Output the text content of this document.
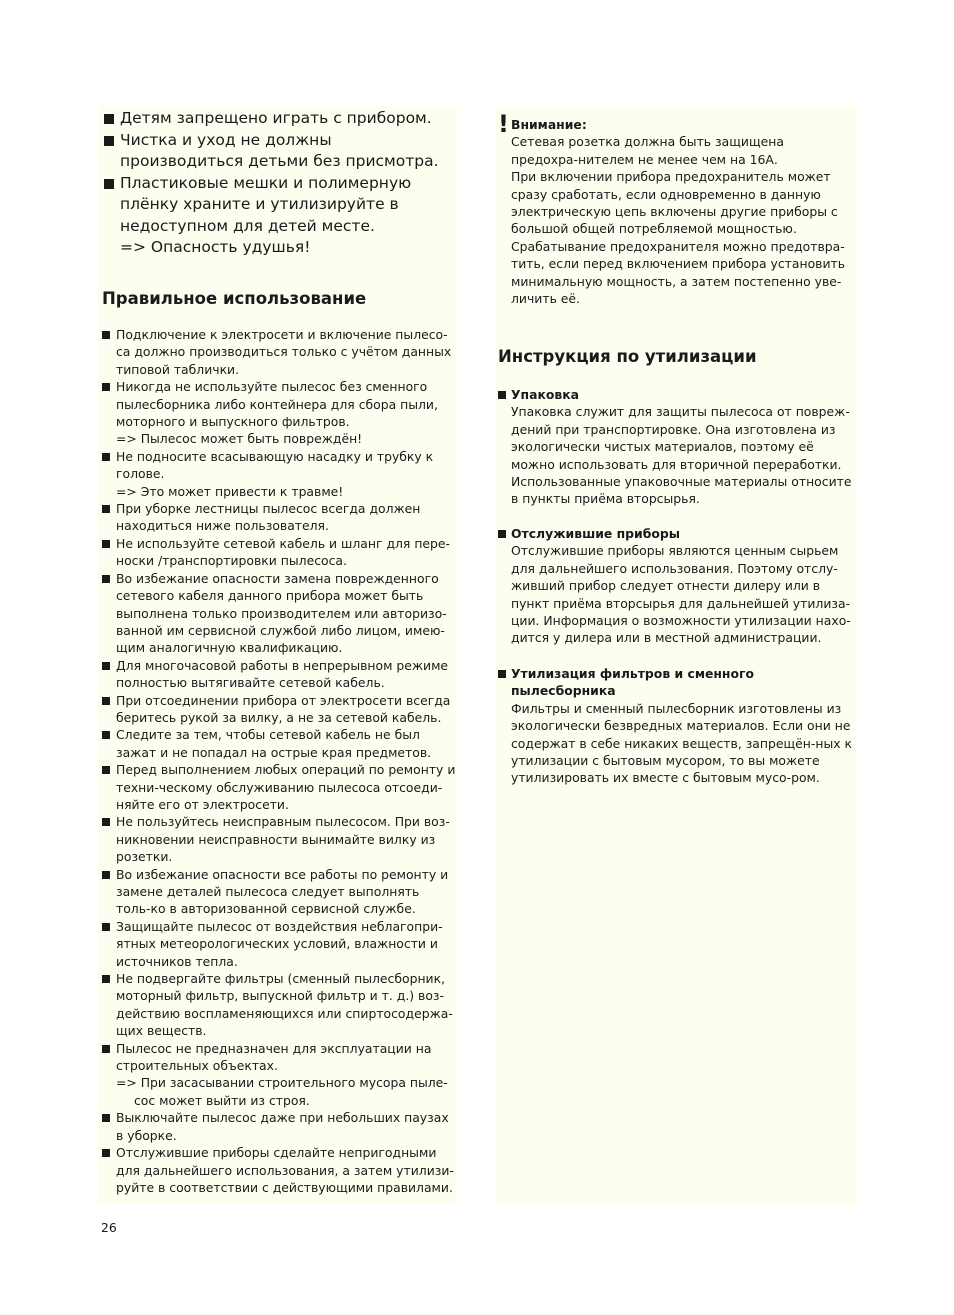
Детям запрещено играть с прибором.
Чистка и уход не должны
производиться детьми без присмотра.
Пластиковые мешки и полимерную
плёнку храните и утилизируйте в
недоступном для детей месте.
=> Опасность удушья!
Правильное использование
Подключение к электросети и включение пылесо-са должно производиться только с учётом данных типовой таблички.
Никогда не используйте пылесос без сменного пылесборника либо контейнера для сбора пыли, моторного и выпускного фильтров.
=> Пылесос может быть повреждён!
Не подносите всасывающую насадку и трубку к голове.
=> Это может привести к травме!
При уборке лестницы пылесос всегда должен находиться ниже пользователя.
Не используйте сетевой кабель и шланг для пере-носки /транспортировки пылесоса.
Во избежание опасности замена поврежденного сетевого кабеля данного прибора может быть выполнена только производителем или авторизо-ванной им сервисной службой либо лицом, имею-щим аналогичную квалификацию.
Для многочасовой работы в непрерывном режиме полностью вытягивайте сетевой кабель.
При отсоединении прибора от электросети всегда беритесь рукой за вилку, а не за сетевой кабель.
Следите за тем, чтобы сетевой кабель не был зажат и не попадал на острые края предметов.
Перед выполнением любых операций по ремонту и техни-ческому обслуживанию пылесоса отсоеди-няйте его от электросети.
Не пользуйтесь неисправным пылесосом. При воз-никновении неисправности вынимайте вилку из розетки.
Во избежание опасности все работы по ремонту и замене деталей пылесоса следует выполнять толь-ко в авторизованной сервисной службе.
Защищайте пылесос от воздействия неблагопри-ятных метеорологических условий, влажности и источников тепла.
Не подвергайте фильтры (сменный пылесборник, моторный фильтр, выпускной фильтр и т. д.) воз-действию воспламеняющихся или спиртосодержа-щих веществ.
Пылесос не предназначен для эксплуатации на строительных объектах.
=> При засасывании строительного мусора пыле-сос может выйти из строя.
Выключайте пылесос даже при небольших паузах в уборке.
Отслужившие приборы сделайте непригодными для дальнейшего использования, а затем утилизи-руйте в соответствии с действующими правилами.
! Внимание:
Сетевая розетка должна быть защищена предохра-нителем не менее чем на 16А.
При включении прибора предохранитель может сразу сработать, если одновременно в данную электрическую цепь включены другие приборы с большой общей потребляемой мощностью.
Срабатывание предохранителя можно предотвра-тить, если перед включением прибора установить минимальную мощность, а затем постепенно уве-личить её.
Инструкция по утилизации
Упаковка
Упаковка служит для защиты пылесоса от повреж-дений при транспортировке. Она изготовлена из экологически чистых материалов, поэтому её можно использовать для вторичной переработки. Использованные упаковочные материалы относите в пункты приёма вторсырья.
Отслужившие приборы
Отслужившие приборы являются ценным сырьем для дальнейшего использования. Поэтому отслу-живший прибор следует отнести дилеру или в пункт приёма вторсырья для дальнейшей утилиза-ции. Информация о возможности утилизации нахо-дится у дилера или в местной администрации.
Утилизация фильтров и сменного пылесборника
Фильтры и сменный пылесборник изготовлены из экологически безвредных материалов. Если они не содержат в себе никаких веществ, запрещён-ных к утилизации с бытовым мусором, то вы можете утилизировать их вместе с бытовым мусо-ром.
26
